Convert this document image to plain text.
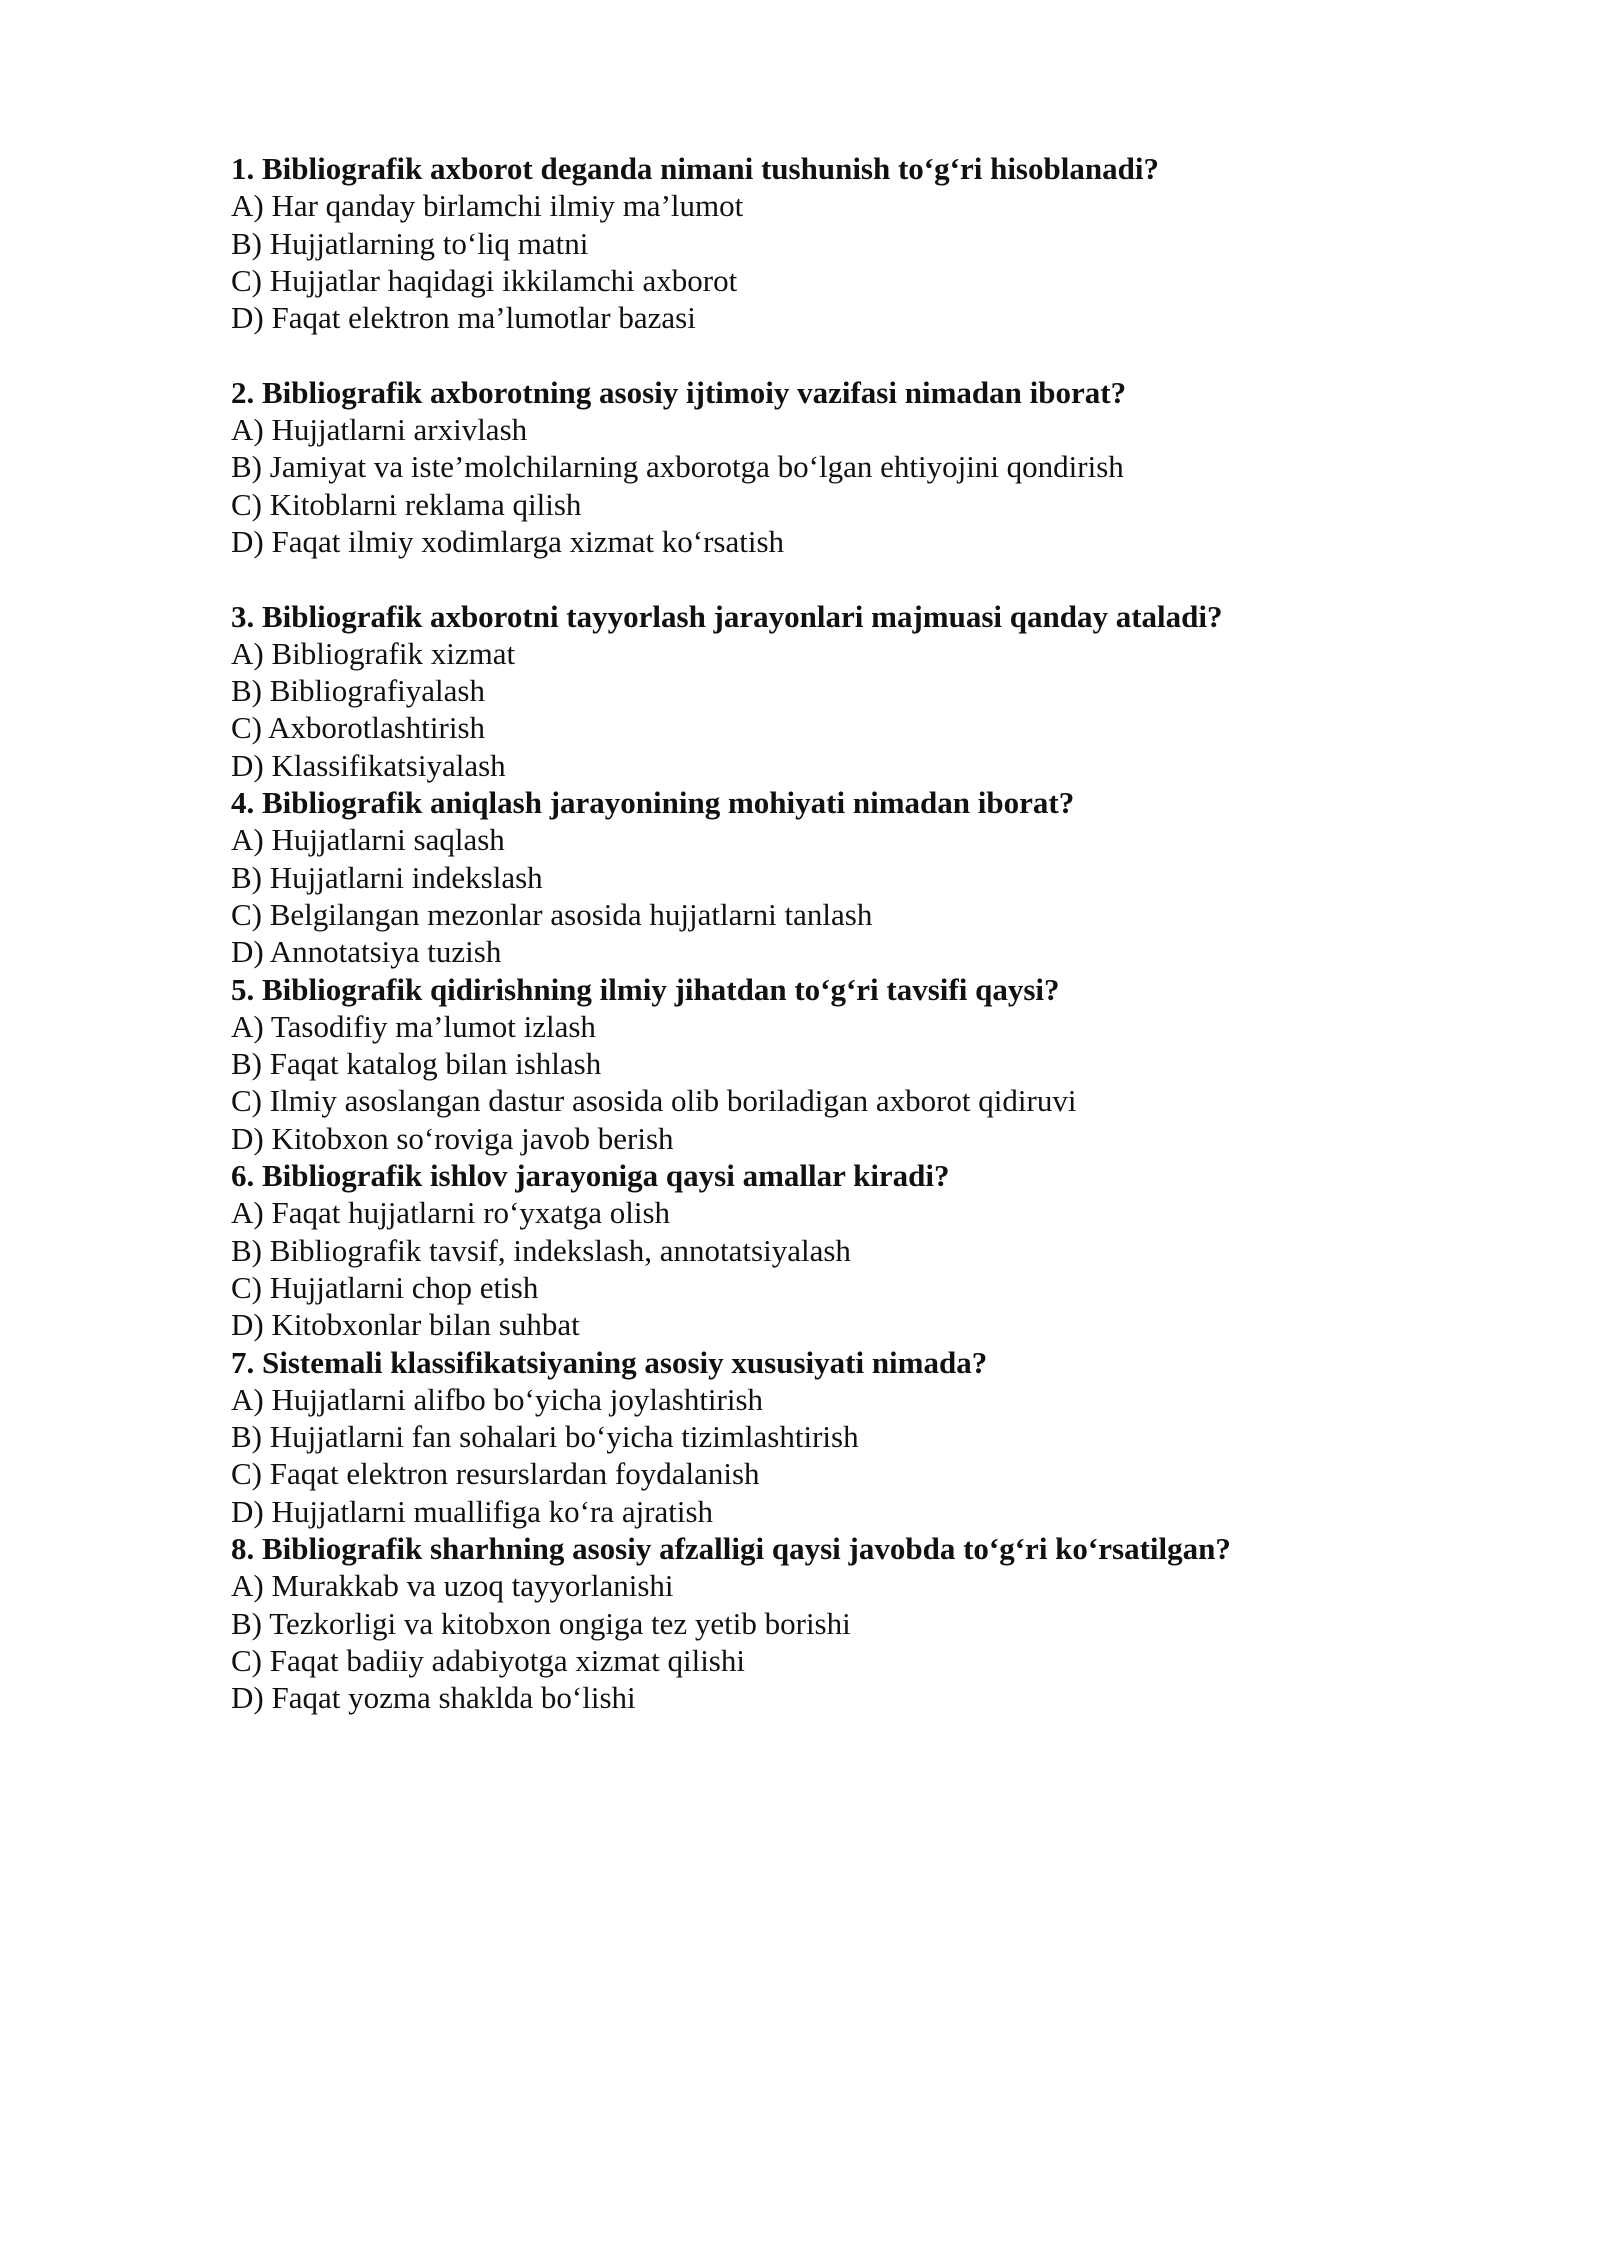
1. Bibliografik axborot deganda nimani tushunish to‘g‘ri hisoblanadi?
A) Har qanday birlamchi ilmiy ma’lumot
B) Hujjatlarning to‘liq matni
C) Hujjatlar haqidagi ikkilamchi axborot
D) Faqat elektron ma’lumotlar bazasi
2. Bibliografik axborotning asosiy ijtimoiy vazifasi nimadan iborat?
A) Hujjatlarni arxivlash
B) Jamiyat va iste’molchilarning axborotga bo‘lgan ehtiyojini qondirish
C) Kitoblarni reklama qilish
D) Faqat ilmiy xodimlarga xizmat ko‘rsatish
3. Bibliografik axborotni tayyorlash jarayonlari majmuasi qanday ataladi?
A) Bibliografik xizmat
B) Bibliografiyalash
C) Axborotlashtirish
D) Klassifikatsiyalash
4. Bibliografik aniqlash jarayonining mohiyati nimadan iborat?
A) Hujjatlarni saqlash
B) Hujjatlarni indekslash
C) Belgilangan mezonlar asosida hujjatlarni tanlash
D) Annotatsiya tuzish
5. Bibliografik qidirishning ilmiy jihatdan to‘g‘ri tavsifi qaysi?
A) Tasodifiy ma’lumot izlash
B) Faqat katalog bilan ishlash
C) Ilmiy asoslangan dastur asosida olib boriladigan axborot qidiruvi
D) Kitobxon so‘roviga javob berish
6. Bibliografik ishlov jarayoniga qaysi amallar kiradi?
A) Faqat hujjatlarni ro‘yxatga olish
B) Bibliografik tavsif, indekslash, annotatsiyalash
C) Hujjatlarni chop etish
D) Kitobxonlar bilan suhbat
7. Sistemali klassifikatsiyaning asosiy xususiyati nimada?
A) Hujjatlarni alifbo bo‘yicha joylashtirish
B) Hujjatlarni fan sohalari bo‘yicha tizimlashtirish
C) Faqat elektron resurslardan foydalanish
D) Hujjatlarni muallifiga ko‘ra ajratish
8. Bibliografik sharhning asosiy afzalligi qaysi javobda to‘g‘ri ko‘rsatilgan?
A) Murakkab va uzoq tayyorlanishi
B) Tezkorligi va kitobxon ongiga tez yetib borishi
C) Faqat badiiy adabiyotga xizmat qilishi
D) Faqat yozma shaklda bo‘lishi
